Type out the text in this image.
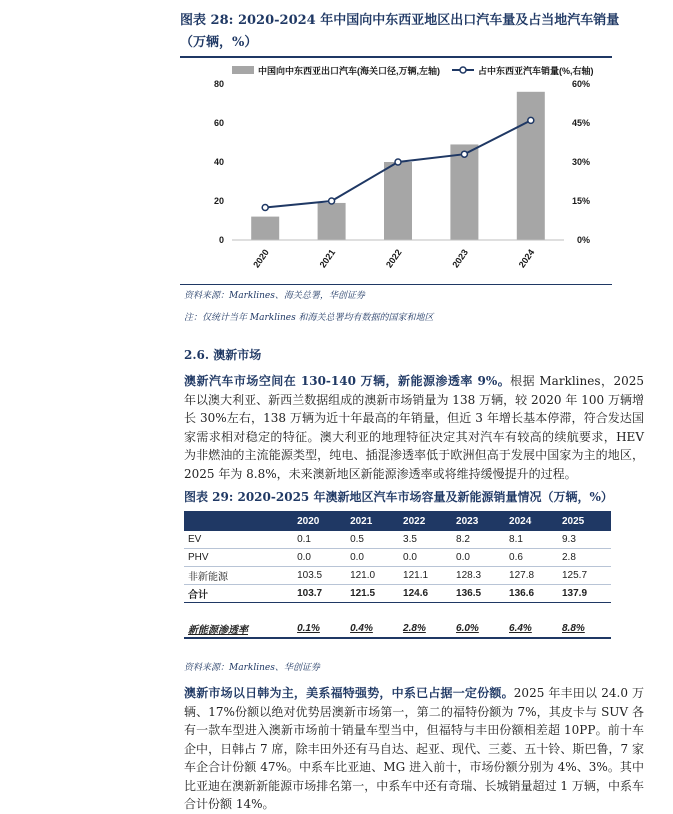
图表 28: 2020-2024 年中国向中东西亚地区出口汽车量及占当地汽车销量（万辆，%）
中国向中东西亚出口汽车(海关口径,万辆,左轴)	占中东西亚汽车销量(%,右轴)
0
20
40
60
80
0%
15%
30%
45%
60%
2020	2021	2022	2023	2024
资料来源：Marklines、海关总署，华创证券
注：仅统计当年 Marklines 和海关总署均有数据的国家和地区
2.6. 澳新市场
澳新汽车市场空间在 130-140 万辆，新能源渗透率 9%。根据 Marklines，2025 年以澳大利亚、新西兰数据组成的澳新市场销量为 138 万辆，较 2020 年 100 万辆增长 30%左右，138 万辆为近十年最高的年销量，但近 3 年增长基本停滞，符合发达国家需求相对稳定的特征。澳大利亚的地理特征决定其对汽车有较高的续航要求，HEV 为非燃油的主流能源类型，纯电、插混渗透率低于欧洲但高于发展中国家为主的地区，2025 年为 8.8%，未来澳新地区新能源渗透率或将维持缓慢提升的过程。
图表 29: 2020-2025 年澳新地区汽车市场容量及新能源销量情况（万辆，%）
	2020	2021	2022	2023	2024	2025
EV	0.1	0.5	3.5	8.2	8.1	9.3
PHV	0.0	0.0	0.0	0.0	0.6	2.8
非新能源	103.5	121.0	121.1	128.3	127.8	125.7
合计	103.7	121.5	124.6	136.5	136.6	137.9

新能源渗透率	0.1%	0.4%	2.8%	6.0%	6.4%	8.8%
资料来源：Marklines、华创证券
澳新市场以日韩为主，美系福特强势，中系已占据一定份额。2025 年丰田以 24.0 万辆、17%份额以绝对优势居澳新市场第一，第二的福特份额为 7%，其皮卡与 SUV 各有一款车型进入澳新市场前十销量车型当中，但福特与丰田份额相差超 10PP。前十车企中，日韩占 7 席，除丰田外还有马自达、起亚、现代、三菱、五十铃、斯巴鲁，7 家车企合计份额 47%。中系车比亚迪、MG 进入前十，市场份额分别为 4%、3%。其中比亚迪在澳新新能源市场排名第一，中系车中还有奇瑞、长城销量超过 1 万辆，中系车合计份额 14%。
